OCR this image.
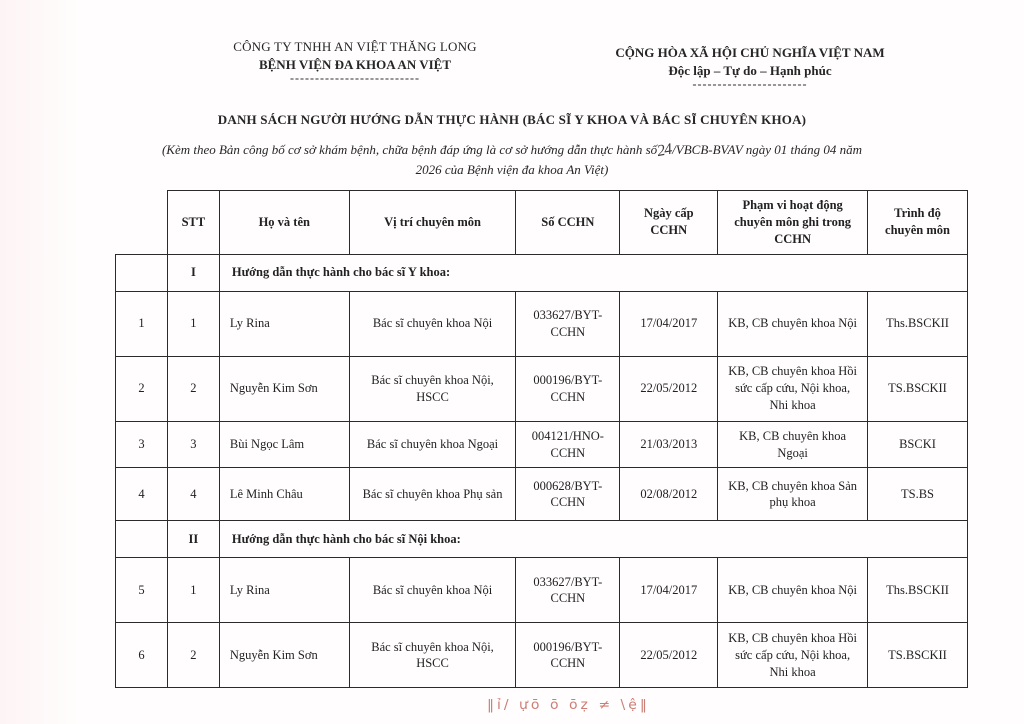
CÔNG TY TNHH AN VIỆT THĂNG LONG
BỆNH VIỆN ĐA KHOA AN VIỆT
--------------------------
CỘNG HÒA XÃ HỘI CHỦ NGHĨA VIỆT NAM
Độc lập – Tự do – Hạnh phúc
-----------------------
DANH SÁCH NGƯỜI HƯỚNG DẪN THỰC HÀNH (BÁC SĨ Y KHOA VÀ BÁC SĨ CHUYÊN KHOA)
(Kèm theo Bản công bố cơ sở khám bệnh, chữa bệnh đáp ứng là cơ sở hướng dẫn thực hành số24/VBCB-BVAV ngày 01 tháng 04 năm
2026 của Bệnh viện đa khoa An Việt)
	STT	Họ và tên	Vị trí chuyên môn	Số CCHN	Ngày cấp CCHN	Phạm vi hoạt động chuyên môn ghi trong CCHN	Trình độ chuyên môn
	I	Hướng dẫn thực hành cho bác sĩ Y khoa:					
1	1	Ly Rina	Bác sĩ chuyên khoa Nội	033627/BYT-CCHN	17/04/2017	KB, CB chuyên khoa Nội	Ths.BSCKII
2	2	Nguyễn Kim Sơn	Bác sĩ chuyên khoa Nội, HSCC	000196/BYT-CCHN	22/05/2012	KB, CB chuyên khoa Hồi sức cấp cứu, Nội khoa, Nhi khoa	TS.BSCKII
3	3	Bùi Ngọc Lâm	Bác sĩ chuyên khoa Ngoại	004121/HNO-CCHN	21/03/2013	KB, CB chuyên khoa Ngoại	BSCKI
4	4	Lê Minh Châu	Bác sĩ chuyên khoa Phụ sản	000628/BYT-CCHN	02/08/2012	KB, CB chuyên khoa Sản phụ khoa	TS.BS
	II	Hướng dẫn thực hành cho bác sĩ Nội khoa:					
5	1	Ly Rina	Bác sĩ chuyên khoa Nội	033627/BYT-CCHN	17/04/2017	KB, CB chuyên khoa Nội	Ths.BSCKII
6	2	Nguyễn Kim Sơn	Bác sĩ chuyên khoa Nội, HSCC	000196/BYT-CCHN	22/05/2012	KB, CB chuyên khoa Hồi sức cấp cứu, Nội khoa, Nhi khoa	TS.BSCKII
‖ỉ/ ựō ō ōẓ ≠ \ệ‖
